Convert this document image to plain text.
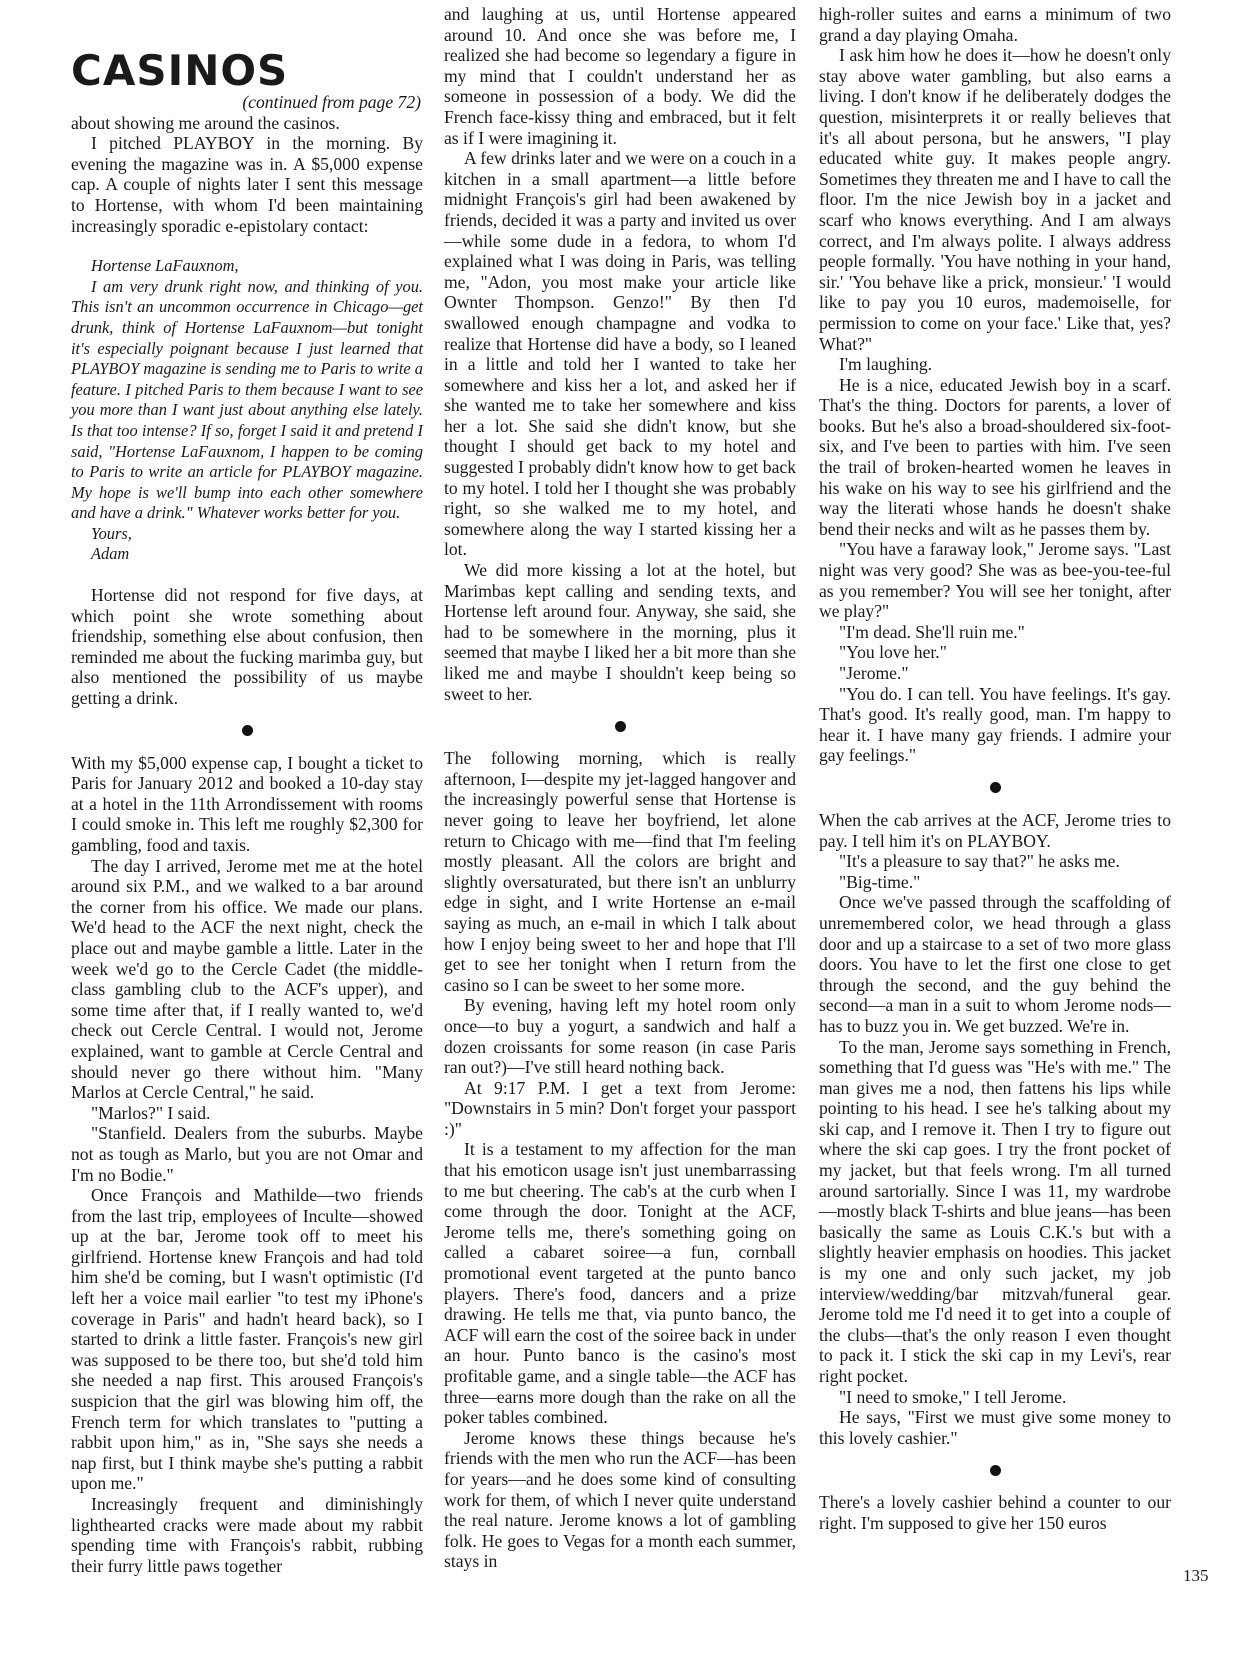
CASINOS
(continued from page 72)

about showing me around the casinos.

I pitched PLAYBOY in the morning. By evening the magazine was in. A $5,000 expense cap. A couple of nights later I sent this message to Hortense, with whom I'd been maintaining increasingly sporadic e-epistolary contact:

Hortense LaFauxnom,

I am very drunk right now, and thinking of you. This isn't an uncommon occurrence in Chicago—get drunk, think of Hortense LaFauxnom—but tonight it's especially poignant because I just learned that PLAYBOY magazine is sending me to Paris to write a feature. I pitched Paris to them because I want to see you more than I want just about anything else lately. Is that too intense? If so, forget I said it and pretend I said, "Hortense LaFauxnom, I happen to be coming to Paris to write an article for PLAYBOY magazine. My hope is we'll bump into each other somewhere and have a drink." Whatever works better for you.

Yours,

Adam

Hortense did not respond for five days, at which point she wrote something about friendship, something else about confusion, then reminded me about the fucking marimba guy, but also mentioned the possibility of us maybe getting a drink.

With my $5,000 expense cap, I bought a ticket to Paris for January 2012 and booked a 10-day stay at a hotel in the 11th Arrondissement with rooms I could smoke in. This left me roughly $2,300 for gambling, food and taxis.

The day I arrived, Jerome met me at the hotel around six P.M., and we walked to a bar around the corner from his office. We made our plans. We'd head to the ACF the next night, check the place out and maybe gamble a little. Later in the week we'd go to the Cercle Cadet (the middle-class gambling club to the ACF's upper), and some time after that, if I really wanted to, we'd check out Cercle Central. I would not, Jerome explained, want to gamble at Cercle Central and should never go there without him. "Many Marlos at Cercle Central," he said.

"Marlos?" I said.

"Stanfield. Dealers from the suburbs. Maybe not as tough as Marlo, but you are not Omar and I'm no Bodie."

Once François and Mathilde—two friends from the last trip, employees of Inculte—showed up at the bar, Jerome took off to meet his girlfriend. Hortense knew François and had told him she'd be coming, but I wasn't optimistic (I'd left her a voice mail earlier "to test my iPhone's coverage in Paris" and hadn't heard back), so I started to drink a little faster. François's new girl was supposed to be there too, but she'd told him she needed a nap first. This aroused François's suspicion that the girl was blowing him off, the French term for which translates to "putting a rabbit upon him," as in, "She says she needs a nap first, but I think maybe she's putting a rabbit upon me."

Increasingly frequent and diminishingly lighthearted cracks were made about my rabbit spending time with François's rabbit, rubbing their furry little paws together

and laughing at us, until Hortense appeared around 10. And once she was before me, I realized she had become so legendary a figure in my mind that I couldn't understand her as someone in possession of a body. We did the French face-kissy thing and embraced, but it felt as if I were imagining it.

A few drinks later and we were on a couch in a kitchen in a small apartment—a little before midnight François's girl had been awakened by friends, decided it was a party and invited us over—while some dude in a fedora, to whom I'd explained what I was doing in Paris, was telling me, "Adon, you most make your article like Ownter Thompson. Genzo!" By then I'd swallowed enough champagne and vodka to realize that Hortense did have a body, so I leaned in a little and told her I wanted to take her somewhere and kiss her a lot, and asked her if she wanted me to take her somewhere and kiss her a lot. She said she didn't know, but she thought I should get back to my hotel and suggested I probably didn't know how to get back to my hotel. I told her I thought she was probably right, so she walked me to my hotel, and somewhere along the way I started kissing her a lot.

We did more kissing a lot at the hotel, but Marimbas kept calling and sending texts, and Hortense left around four. Anyway, she said, she had to be somewhere in the morning, plus it seemed that maybe I liked her a bit more than she liked me and maybe I shouldn't keep being so sweet to her.

The following morning, which is really afternoon, I—despite my jet-lagged hangover and the increasingly powerful sense that Hortense is never going to leave her boyfriend, let alone return to Chicago with me—find that I'm feeling mostly pleasant. All the colors are bright and slightly oversaturated, but there isn't an unblurry edge in sight, and I write Hortense an e-mail saying as much, an e-mail in which I talk about how I enjoy being sweet to her and hope that I'll get to see her tonight when I return from the casino so I can be sweet to her some more.

By evening, having left my hotel room only once—to buy a yogurt, a sandwich and half a dozen croissants for some reason (in case Paris ran out?)—I've still heard nothing back.

At 9:17 P.M. I get a text from Jerome: "Downstairs in 5 min? Don't forget your passport :)"

It is a testament to my affection for the man that his emoticon usage isn't just unembarrassing to me but cheering. The cab's at the curb when I come through the door. Tonight at the ACF, Jerome tells me, there's something going on called a cabaret soiree—a fun, cornball promotional event targeted at the punto banco players. There's food, dancers and a prize drawing. He tells me that, via punto banco, the ACF will earn the cost of the soiree back in under an hour. Punto banco is the casino's most profitable game, and a single table—the ACF has three—earns more dough than the rake on all the poker tables combined.

Jerome knows these things because he's friends with the men who run the ACF—has been for years—and he does some kind of consulting work for them, of which I never quite understand the real nature. Jerome knows a lot of gambling folk. He goes to Vegas for a month each summer, stays in

high-roller suites and earns a minimum of two grand a day playing Omaha.

I ask him how he does it—how he doesn't only stay above water gambling, but also earns a living. I don't know if he deliberately dodges the question, misinterprets it or really believes that it's all about persona, but he answers, "I play educated white guy. It makes people angry. Sometimes they threaten me and I have to call the floor. I'm the nice Jewish boy in a jacket and scarf who knows everything. And I am always correct, and I'm always polite. I always address people formally. 'You have nothing in your hand, sir.' 'You behave like a prick, monsieur.' 'I would like to pay you 10 euros, mademoiselle, for permission to come on your face.' Like that, yes? What?"

I'm laughing.

He is a nice, educated Jewish boy in a scarf. That's the thing. Doctors for parents, a lover of books. But he's also a broad-shouldered six-foot-six, and I've been to parties with him. I've seen the trail of broken-hearted women he leaves in his wake on his way to see his girlfriend and the way the literati whose hands he doesn't shake bend their necks and wilt as he passes them by.

"You have a faraway look," Jerome says. "Last night was very good? She was as bee-you-tee-ful as you remember? You will see her tonight, after we play?"

"I'm dead. She'll ruin me."

"You love her."

"Jerome."

"You do. I can tell. You have feelings. It's gay. That's good. It's really good, man. I'm happy to hear it. I have many gay friends. I admire your gay feelings."

When the cab arrives at the ACF, Jerome tries to pay. I tell him it's on PLAYBOY.

"It's a pleasure to say that?" he asks me.

"Big-time."

Once we've passed through the scaffolding of unremembered color, we head through a glass door and up a staircase to a set of two more glass doors. You have to let the first one close to get through the second, and the guy behind the second—a man in a suit to whom Jerome nods—has to buzz you in. We get buzzed. We're in.

To the man, Jerome says something in French, something that I'd guess was "He's with me." The man gives me a nod, then fattens his lips while pointing to his head. I see he's talking about my ski cap, and I remove it. Then I try to figure out where the ski cap goes. I try the front pocket of my jacket, but that feels wrong. I'm all turned around sartorially. Since I was 11, my wardrobe—mostly black T-shirts and blue jeans—has been basically the same as Louis C.K.'s but with a slightly heavier emphasis on hoodies. This jacket is my one and only such jacket, my job interview/wedding/bar mitzvah/funeral gear. Jerome told me I'd need it to get into a couple of the clubs—that's the only reason I even thought to pack it. I stick the ski cap in my Levi's, rear right pocket.

"I need to smoke," I tell Jerome.

He says, "First we must give some money to this lovely cashier."

There's a lovely cashier behind a counter to our right. I'm supposed to give her 150 euros

135
